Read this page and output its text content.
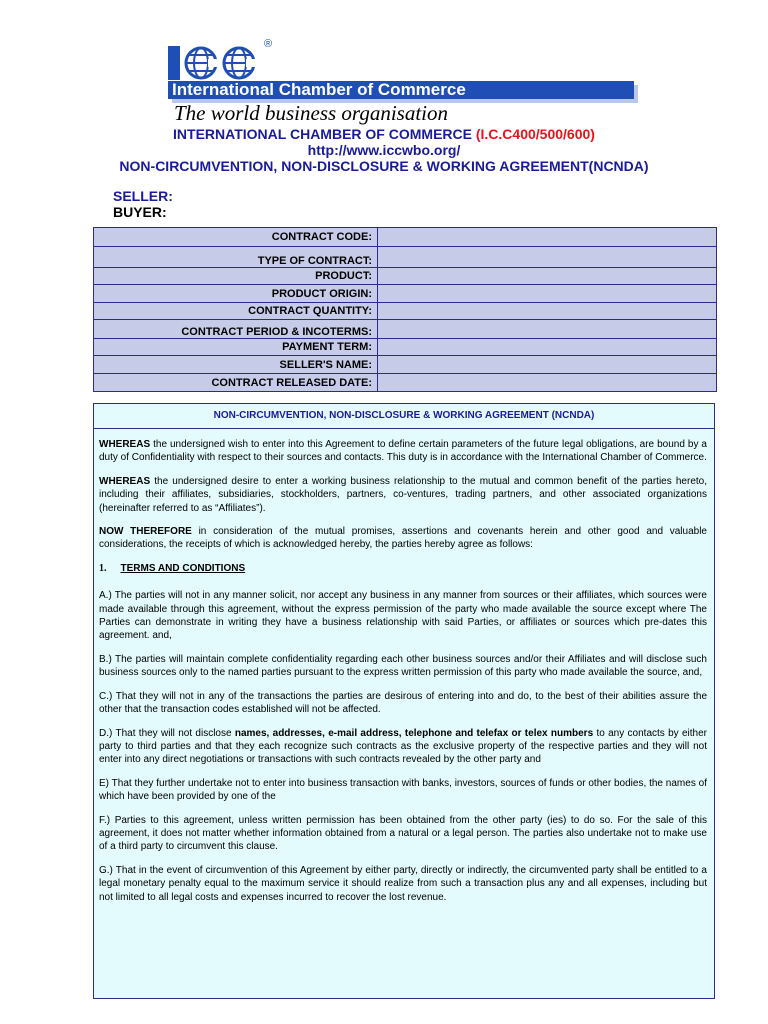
®
International Chamber of Commerce
The world business organisation
INTERNATIONAL CHAMBER OF COMMERCE (I.C.C400/500/600)
http://www.iccwbo.org/
NON-CIRCUMVENTION, NON-DISCLOSURE & WORKING AGREEMENT(NCNDA)
SELLER:
BUYER:
CONTRACT CODE:	
TYPE OF CONTRACT:	
PRODUCT:	
PRODUCT ORIGIN:	
CONTRACT QUANTITY:	
CONTRACT PERIOD & INCOTERMS:	
PAYMENT TERM:	
SELLER'S NAME:	
CONTRACT RELEASED DATE:	
NON-CIRCUMVENTION, NON-DISCLOSURE & WORKING AGREEMENT (NCNDA)

WHEREAS the undersigned wish to enter into this Agreement to define certain parameters of the future legal obligations, are bound by a duty of Confidentiality with respect to their sources and contacts. This duty is in accordance with the International Chamber of Commerce.

WHEREAS the undersigned desire to enter a working business relationship to the mutual and common benefit of the parties hereto, including their affiliates, subsidiaries, stockholders, partners, co-ventures, trading partners, and other associated organizations (hereinafter referred to as “Affiliates”).

NOW THEREFORE in consideration of the mutual promises, assertions and covenants herein and other good and valuable considerations, the receipts of which is acknowledged hereby, the parties hereby agree as follows:

1. TERMS AND CONDITIONS

A.) The parties will not in any manner solicit, nor accept any business in any manner from sources or their affiliates, which sources were made available through this agreement, without the express permission of the party who made available the source except where The Parties can demonstrate in writing they have a business relationship with said Parties, or affiliates or sources which pre-dates this agreement. and,

B.) The parties will maintain complete confidentiality regarding each other business sources and/or their Affiliates and will disclose such business sources only to the named parties pursuant to the express written permission of this party who made available the source, and,

C.) That they will not in any of the transactions the parties are desirous of entering into and do, to the best of their abilities assure the other that the transaction codes established will not be affected.

D.) That they will not disclose names, addresses, e-mail address, telephone and telefax or telex numbers to any contacts by either party to third parties and that they each recognize such contracts as the exclusive property of the respective parties and they will not enter into any direct negotiations or transactions with such contracts revealed by the other party and

E) That they further undertake not to enter into business transaction with banks, investors, sources of funds or other bodies, the names of which have been provided by one of the

F.) Parties to this agreement, unless written permission has been obtained from the other party (ies) to do so. For the sale of this agreement, it does not matter whether information obtained from a natural or a legal person. The parties also undertake not to make use of a third party to circumvent this clause.

G.) That in the event of circumvention of this Agreement by either party, directly or indirectly, the circumvented party shall be entitled to a legal monetary penalty equal to the maximum service it should realize from such a transaction plus any and all expenses, including but not limited to all legal costs and expenses incurred to recover the lost revenue.
